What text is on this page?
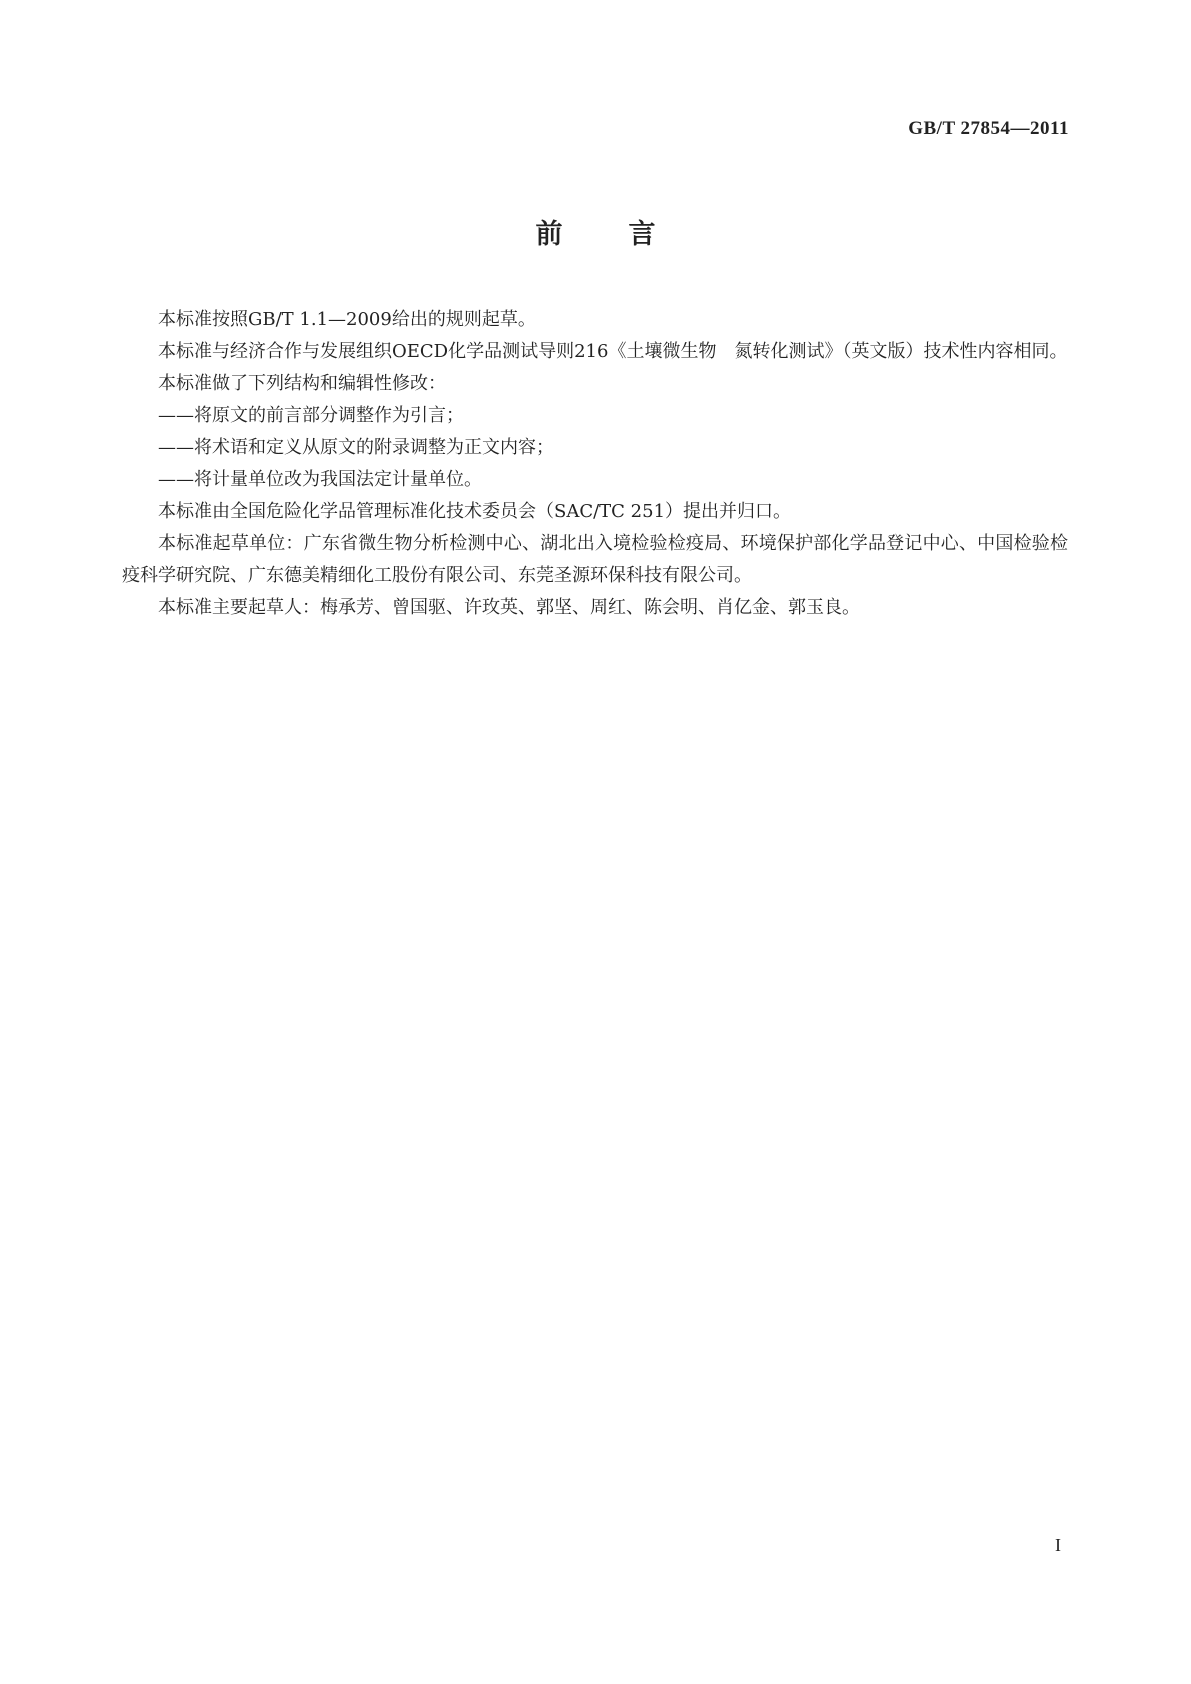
GB/T 27854—2011
前言

本标准按照GB/T 1.1—2009给出的规则起草。

本标准与经济合作与发展组织OECD化学品测试导则216《土壤微生物　氮转化测试》（英文版）技术性内容相同。

本标准做了下列结构和编辑性修改：

——将原文的前言部分调整作为引言；

——将术语和定义从原文的附录调整为正文内容；

——将计量单位改为我国法定计量单位。

本标准由全国危险化学品管理标准化技术委员会（SAC/TC 251）提出并归口。

本标准起草单位：广东省微生物分析检测中心、湖北出入境检验检疫局、环境保护部化学品登记中心、中国检验检疫科学研究院、广东德美精细化工股份有限公司、东莞圣源环保科技有限公司。

本标准主要起草人：梅承芳、曾国驱、许玫英、郭坚、周红、陈会明、肖亿金、郭玉良。

I
